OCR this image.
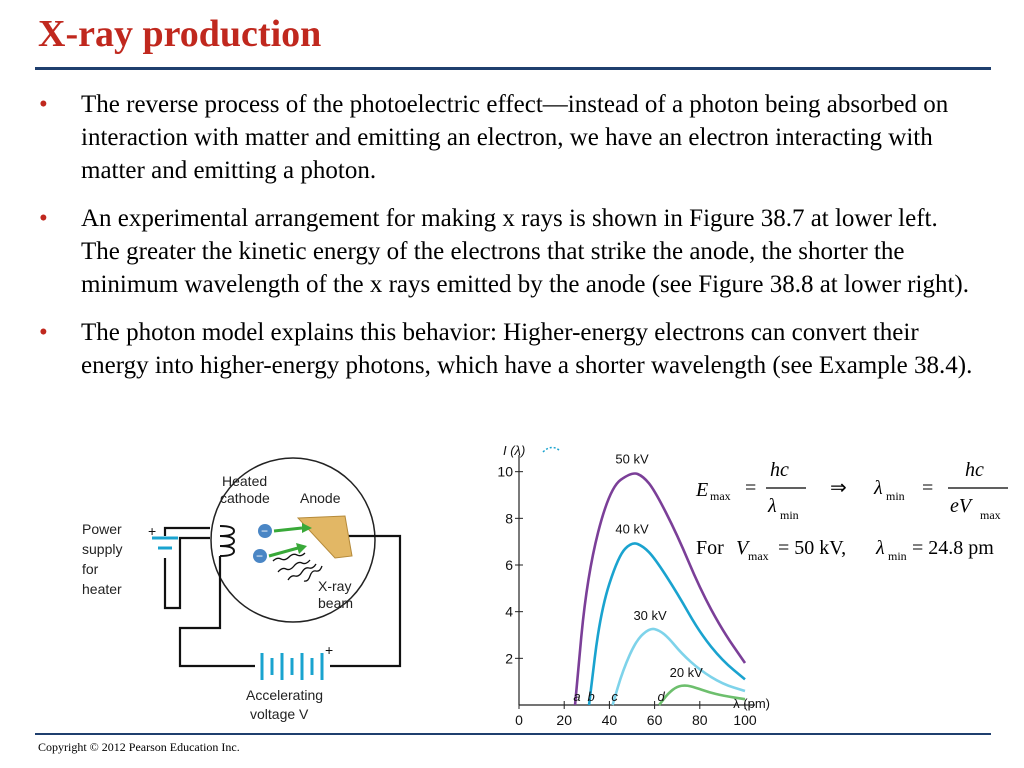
X-ray production
• The reverse process of the photoelectric effect—instead of a photon being absorbed on interaction with matter and emitting an electron, we have an electron interacting with matter and emitting a photon.
• An experimental arrangement for making x rays is shown in Figure 38.7 at lower left. The greater the kinetic energy of the electrons that strike the anode, the shorter the minimum wavelength of the x rays emitted by the anode (see Figure 38.8 at lower right).
• The photon model explains this behavior: Higher-energy electrons can convert their energy into higher-energy photons, which have a shorter wavelength (see Example 38.4).
+	−
−
+
Heated
cathode Anode
Power
supply
for
heater	X-ray
beam
Accelerating
voltage V
I (λ)
λ (pm)
2
4
6
8
10
0 20 40 60 80 100
50 kV
40 kV
30 kV
20 kV
a b c	d
E max =
hc
λ min
⇒ λ min =
hc
eV max
For V max = 50 kV, λ min = 24.8 pm
Copyright © 2012 Pearson Education Inc.
